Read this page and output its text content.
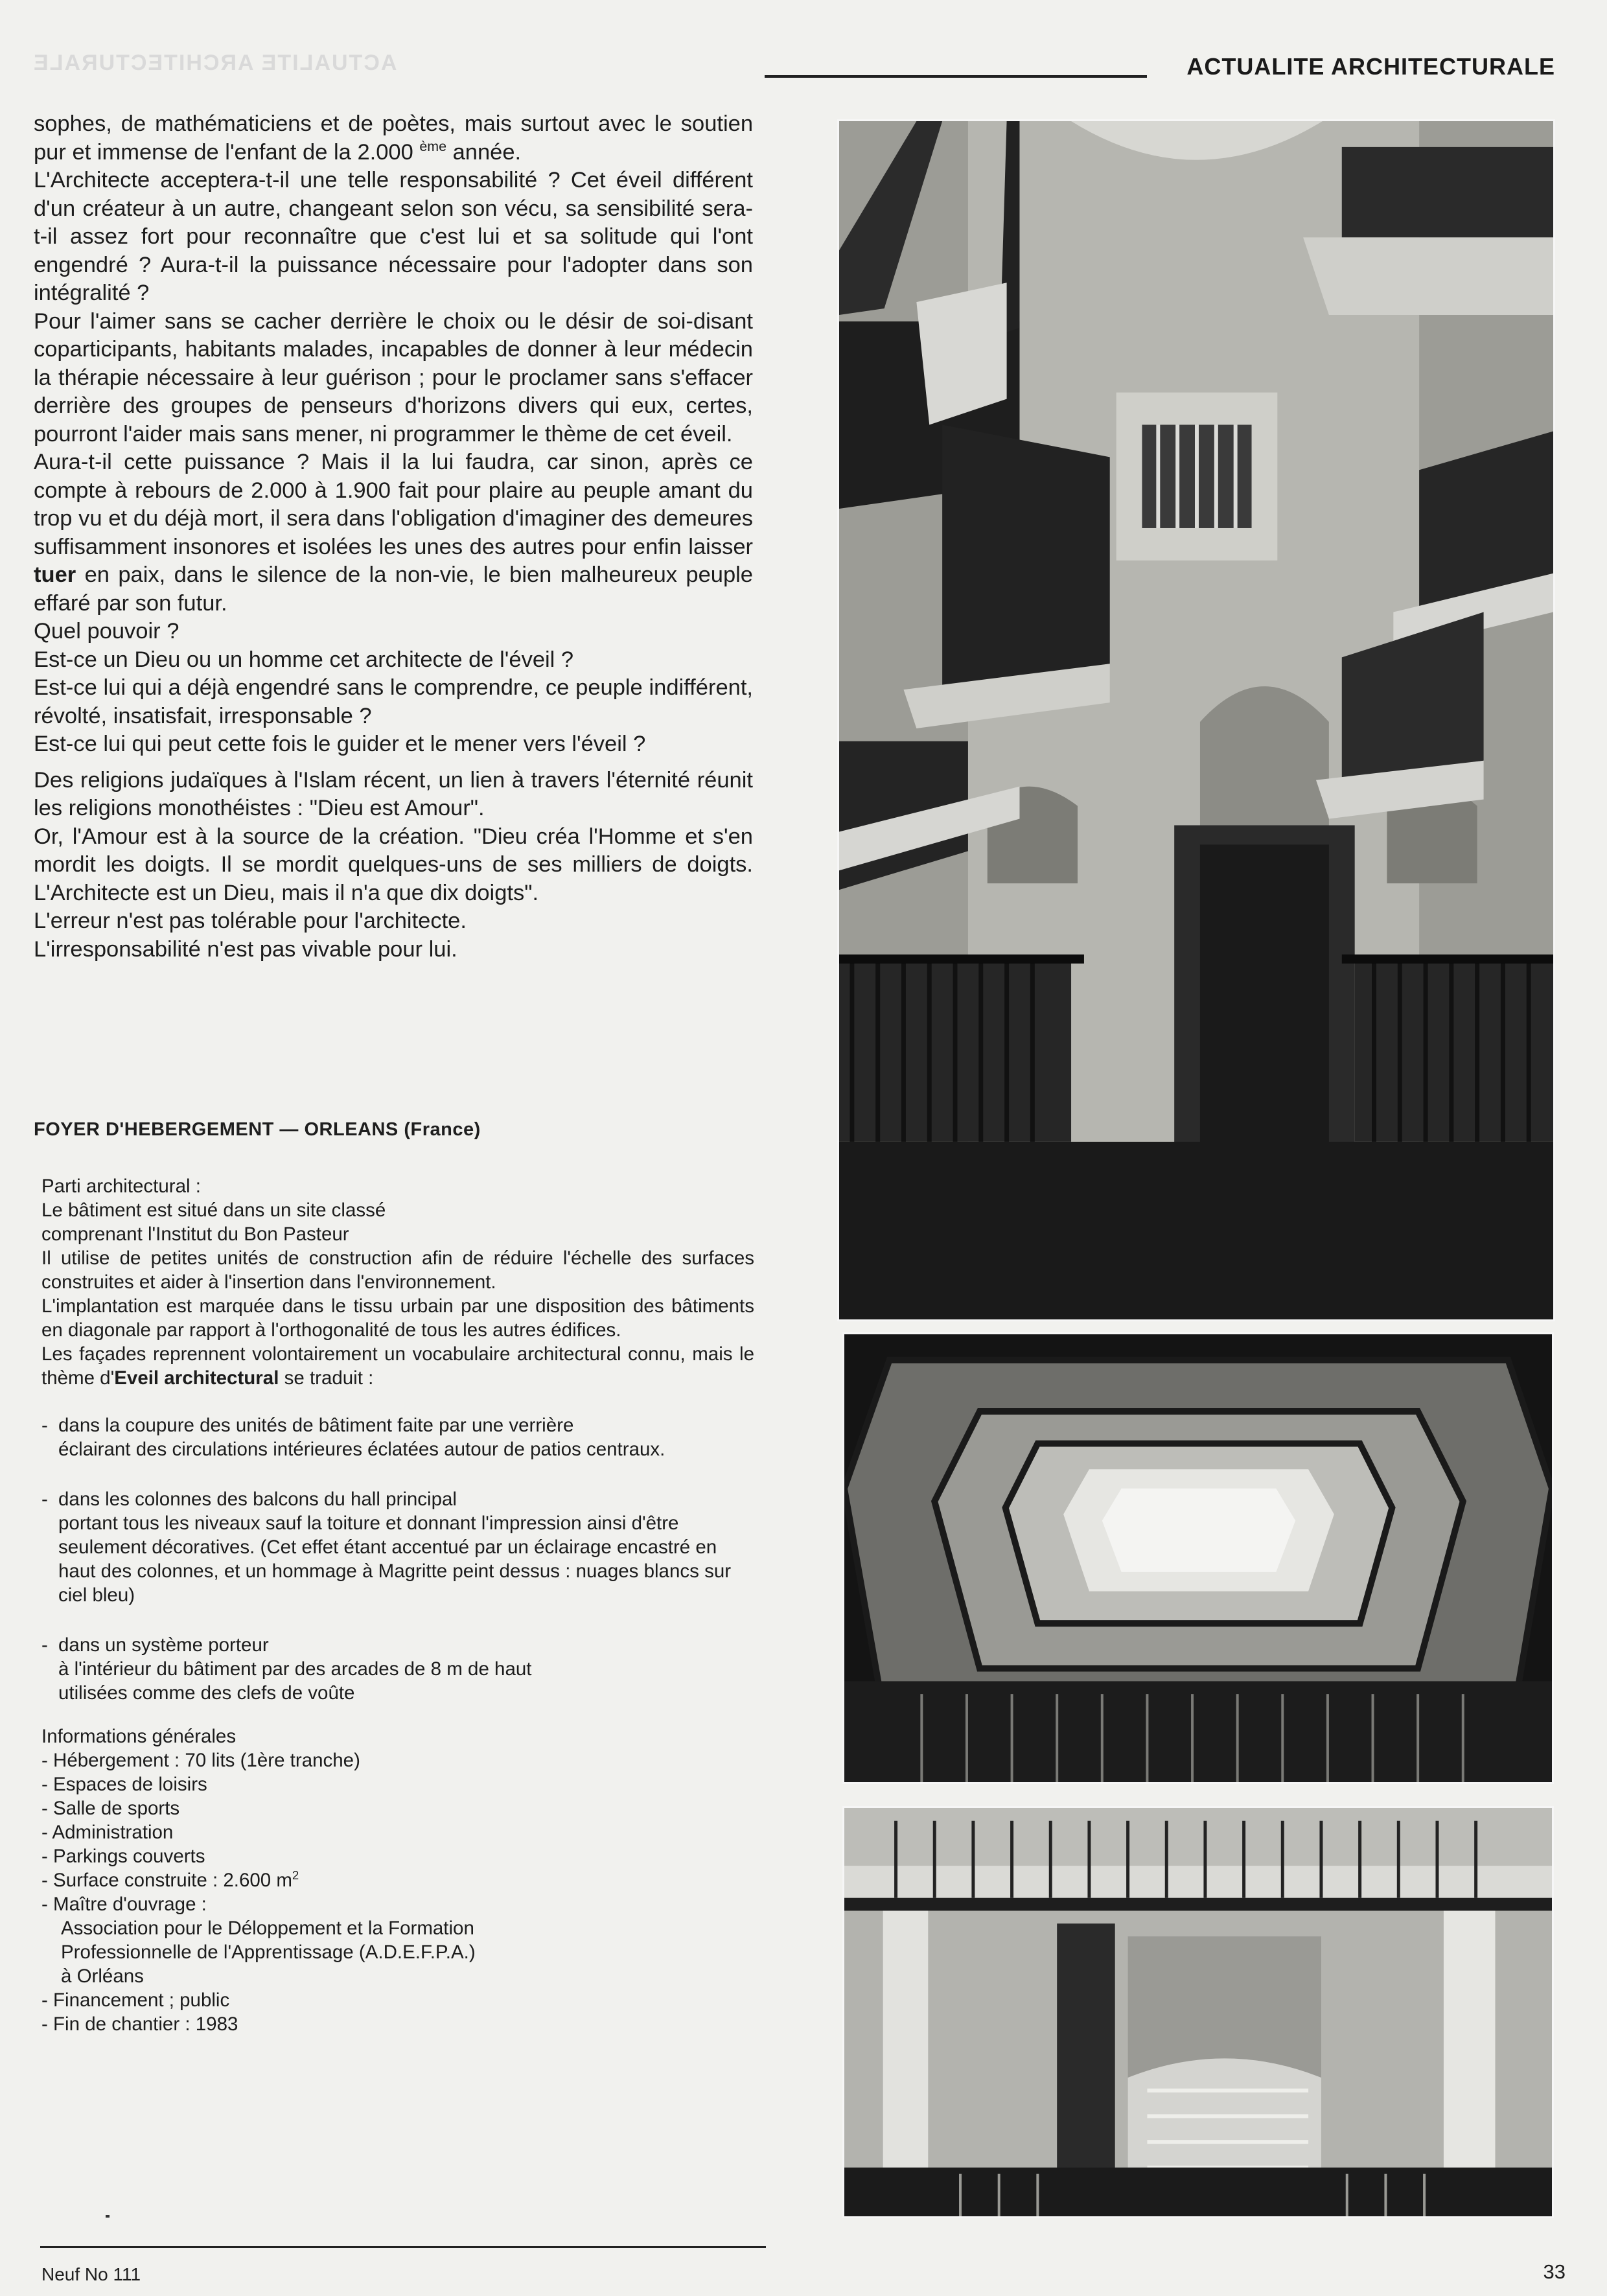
ACTUALITE ARCHITECTURALE	ACTUALITE ARCHITECTURALE

sophes, de mathématiciens et de poètes, mais surtout avec le soutien pur et immense de l'enfant de la 2.000 $^{ème}$ année.

L'Architecte acceptera-t-il une telle responsabilité ? Cet éveil différent d'un créateur à un autre, changeant selon son vécu, sa sensibilité sera-t-il assez fort pour reconnaître que c'est lui et sa solitude qui l'ont engendré ? Aura-t-il la puissance nécessaire pour l'adopter dans son intégralité ?

Pour l'aimer sans se cacher derrière le choix ou le désir de soi-disant coparticipants, habitants malades, incapables de donner à leur médecin la thérapie nécessaire à leur guérison ; pour le proclamer sans s'effacer derrière des groupes de penseurs d'horizons divers qui eux, certes, pourront l'aider mais sans mener, ni programmer le thème de cet éveil.

Aura-t-il cette puissance ? Mais il la lui faudra, car sinon, après ce compte à rebours de 2.000 à 1.900 fait pour plaire au peuple amant du trop vu et du déjà mort, il sera dans l'obligation d'imaginer des demeures suffisamment insonores et isolées les unes des autres pour enfin laisser tuer en paix, dans le silence de la non-vie, le bien malheureux peuple effaré par son futur.

Quel pouvoir ?

Est-ce un Dieu ou un homme cet architecte de l'éveil ?

Est-ce lui qui a déjà engendré sans le comprendre, ce peuple indifférent, révolté, insatisfait, irresponsable ?

Est-ce lui qui peut cette fois le guider et le mener vers l'éveil ?

Des religions judaïques à l'Islam récent, un lien à travers l'éternité réunit les religions monothéistes : "Dieu est Amour".

Or, l'Amour est à la source de la création. "Dieu créa l'Homme et s'en mordit les doigts. Il se mordit quelques-uns de ses milliers de doigts. L'Architecte est un Dieu, mais il n'a que dix doigts".

L'erreur n'est pas tolérable pour l'architecte.

L'irresponsabilité n'est pas vivable pour lui.

FOYER D'HEBERGEMENT — ORLEANS (France)

Parti architectural :

Le bâtiment est situé dans un site classé

comprenant l'Institut du Bon Pasteur

Il utilise de petites unités de construction afin de réduire l'échelle des surfaces construites et aider à l'insertion dans l'environnement.

L'implantation est marquée dans le tissu urbain par une disposition des bâtiments en diagonale par rapport à l'orthogonalité de tous les autres édifices.

Les façades reprennent volontairement un vocabulaire architectural connu, mais le thème d'Eveil architectural se traduit :

- dans la coupure des unités de bâtiment faite par une verrière
éclairant des circulations intérieures éclatées autour de patios centraux.

- dans les colonnes des balcons du hall principal
portant tous les niveaux sauf la toiture et donnant l'impression ainsi d'être seulement décoratives. (Cet effet étant accentué par un éclairage encastré en haut des colonnes, et un hommage à Magritte peint dessus : nuages blancs sur ciel bleu)

- dans un système porteur
à l'intérieur du bâtiment par des arcades de 8 m de haut
utilisées comme des clefs de voûte

Informations générales

- Hébergement : 70 lits (1ère tranche)

- Espaces de loisirs

- Salle de sports

- Administration

- Parkings couverts

- Surface construite : 2.600 $m^2$

- Maître d'ouvrage :

Association pour le Déloppement et la Formation

Professionnelle de l'Apprentissage (A.D.E.F.P.A.)

à Orléans

- Financement ; public

- Fin de chantier : 1983

Neuf No 111	33
